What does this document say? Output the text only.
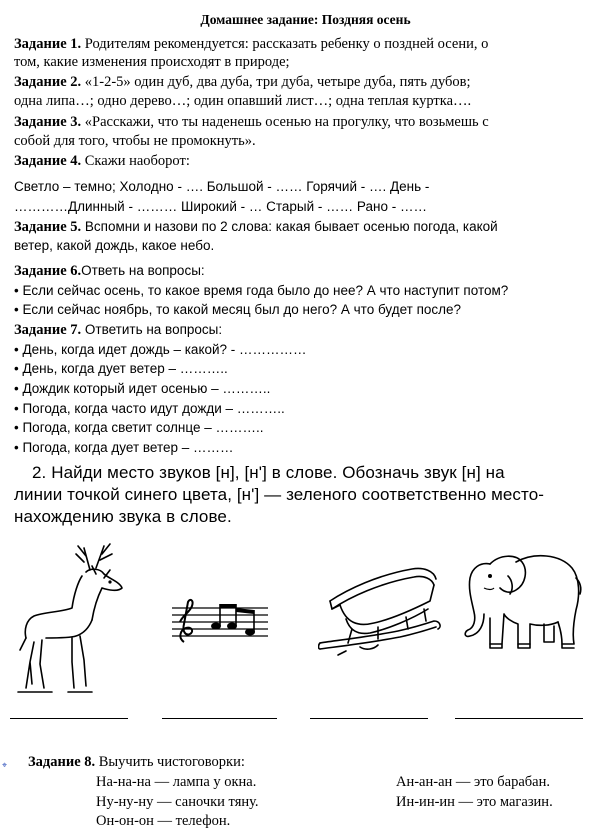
Домашнее задание: Поздняя осень
Задание 1. Родителям рекомендуется: рассказать ребенку о поздней осени, о
том, какие изменения происходят в природе;
Задание 2. «1-2-5» один дуб, два дуба, три дуба, четыре дуба, пять дубов;
одна липа…; одно дерево…; один опавший лист…; одна теплая куртка….
Задание 3. «Расскажи, что ты наденешь осенью на прогулку, что возьмешь с
собой для того, чтобы не промокнуть».
Задание 4. Скажи наоборот:
Светло – темно; Холодно - …. Большой - …… Горячий - …. День -
…………Длинный - ……… Широкий - … Старый - …… Рано - ……
Задание 5. Вспомни и назови по 2 слова: какая бывает осенью погода, какой
ветер, какой дождь, какое небо.
Задание 6.Ответь на вопросы:
• Если сейчас осень, то какое время года было до нее? А что наступит потом?
• Если сейчас ноябрь, то какой месяц был до него? А что будет после?
Задание 7. Ответить на вопросы:
• День, когда идет дождь – какой? - ……………
• День, когда дует ветер – ………..
• Дождик который идет осенью – ………..
• Погода, когда часто идут дожди – ………..
• Погода, когда светит солнце – ………..
• Погода, когда дует ветер – ………
2. Найди место звуков [н], [н'] в слове. Обозначь звук [н] на
линии точкой синего цвета, [н'] — зеленого соответственно место-
нахождению звука в слове.
⌖ Задание 8. Выучить чистоговорки:
На-на-на — лампа у окна.
Ну-ну-ну — саночки тяну.
Он-он-он — телефон.
Ан-ан-ан — это барабан.
Ин-ин-ин — это магазин.
